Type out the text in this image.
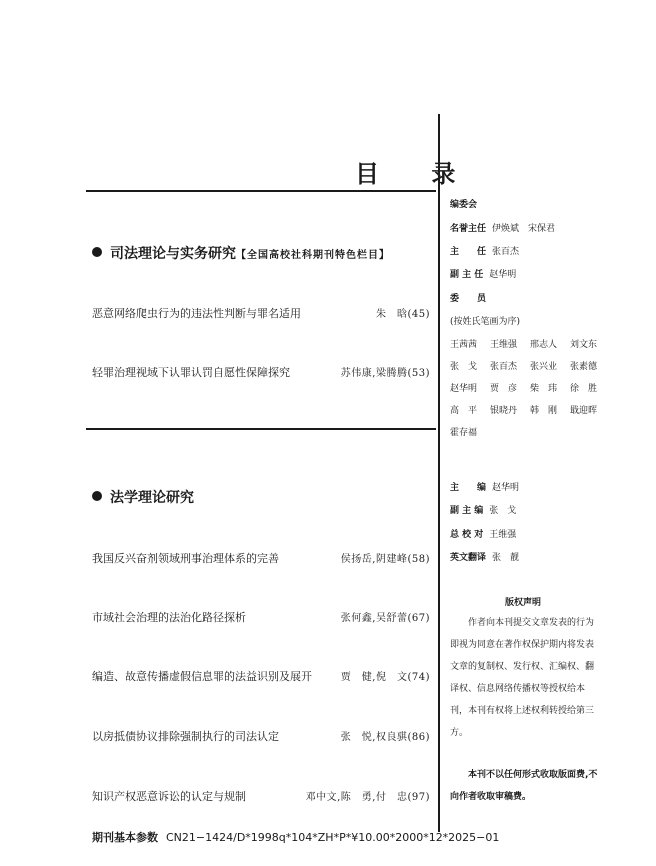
目 录
司法理论与实务研究【全国高校社科期刊特色栏目】
恶意网络爬虫行为的违法性判断与罪名适用	朱　晗(45)
轻罪治理视域下认罪认罚自愿性保障探究	苏伟康,梁腾腾(53)
法学理论研究
我国反兴奋剂领域刑事治理体系的完善	侯扬岳,阴建峰(58)
市域社会治理的法治化路径探析	张何鑫,吴舒蕾(67)
编造、故意传播虚假信息罪的法益识别及展开	贾　健,倪　文(74)
以房抵债协议排除强制执行的司法认定	张　悦,权良骐(86)
知识产权恶意诉讼的认定与规制	邓中文,陈　勇,付　忠(97)
编委会
名誉主任 伊焕斌　宋保君
主　　任 张百杰
副 主 任 赵华明
委　　员
(按姓氏笔画为序)
王茜茜	王维强	邢志人	刘文东
张　戈	张百杰	张兴业	张素德
赵华明	贾　彦	柴　玮	徐　胜
高　平	银晓丹	韩　刚	戢迎晖
霍存福
主　　编 赵华明
副 主 编 张　戈
总 校 对 王维强
英文翻译 张　靓
版权声明
作者向本刊提交文章发表的行为即视为同意在著作权保护期内将发表文章的复制权、发行权、汇编权、翻译权、信息网络传播权等授权给本刊，本刊有权将上述权利转授给第三方。
本刊不以任何形式收取版面费,不向作者收取审稿费。
期刊基本参数 CN21−1424/D*1998q*104*ZH*P*¥10.00*2000*12*2025−01
